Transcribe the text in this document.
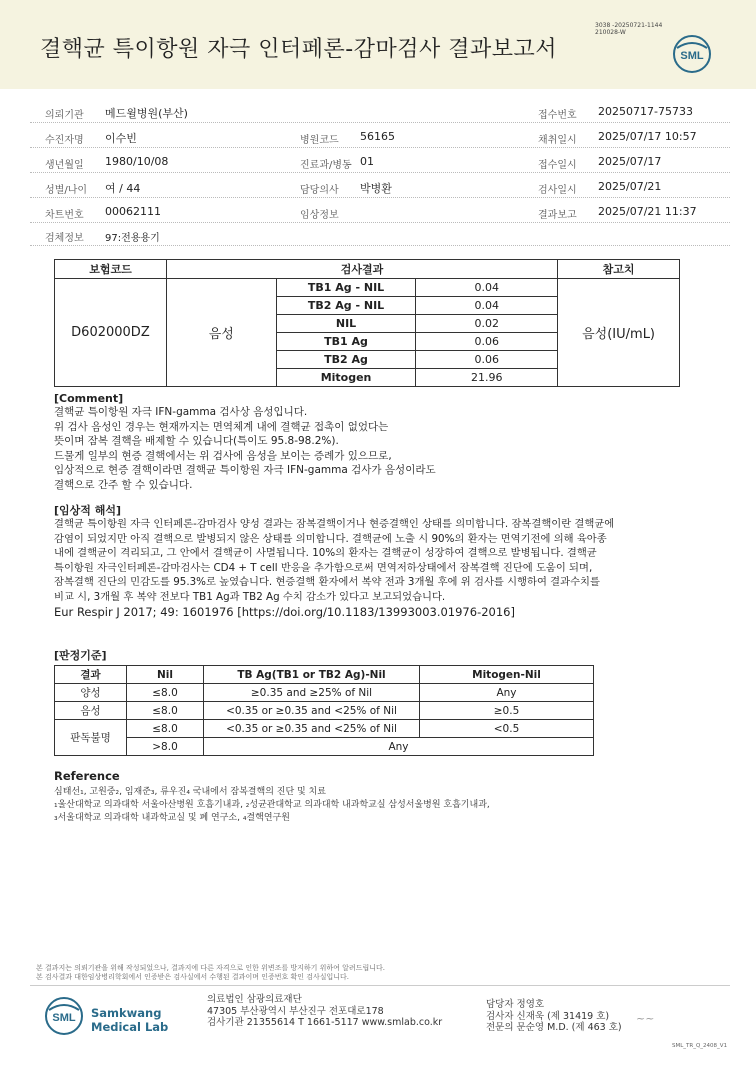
결핵균 특이항원 자극 인터페론-감마검사 결과보고서
3038 -20250721-1144
210028-W
SML
의뢰기관 메드윌병원(부산)	접수번호 20250717-75733
수진자명 이수빈	병원코드 56165	채취일시 2025/07/17 10:57
생년월일 1980/10/08	진료과/병동 01	접수일시 2025/07/17
성별/나이 여 / 44	담당의사 박병환	검사일시 2025/07/21
차트번호 00062111	임상정보	결과보고 2025/07/21 11:37
검체정보 97:전용용기
보험코드	검사결과			참고치
D602000DZ	음성	TB1 Ag - NIL	0.04	음성(IU/mL)
		TB2 Ag - NIL	0.04	
		NIL	0.02	
		TB1 Ag	0.06	
		TB2 Ag	0.06	
		Mitogen	21.96	
[Comment]
결핵균 특이항원 자극 IFN-gamma 검사상 음성입니다.
위 검사 음성인 경우는 현재까지는 면역체계 내에 결핵균 접촉이 없었다는
뜻이며 잠복 결핵을 배제할 수 있습니다(특이도 95.8-98.2%).
드물게 일부의 현증 결핵에서는 위 검사에 음성을 보이는 증례가 있으므로,
임상적으로 현증 결핵이라면 결핵균 특이항원 자극 IFN-gamma 검사가 음성이라도
결핵으로 간주 할 수 있습니다.
[임상적 해석]
결핵균 특이항원 자극 인터페론-감마검사 양성 결과는 잠복결핵이거나 현증결핵인 상태를 의미합니다. 잠복결핵이란 결핵균에
감염이 되었지만 아직 결핵으로 발병되지 않은 상태를 의미합니다. 결핵균에 노출 시 90%의 환자는 면역기전에 의해 육아종
내에 결핵균이 격리되고, 그 안에서 결핵균이 사멸됩니다. 10%의 환자는 결핵균이 성장하여 결핵으로 발병됩니다. 결핵균
특이항원 자극인터페론-감마검사는 CD4 + T cell 반응을 추가함으로써 면역저하상태에서 잠복결핵 진단에 도움이 되며,
잠복결핵 진단의 민감도를 95.3%로 높였습니다. 현증결핵 환자에서 복약 전과 3개월 후에 위 검사를 시행하여 결과수치를
비교 시, 3개월 후 복약 전보다 TB1 Ag과 TB2 Ag 수치 감소가 있다고 보고되었습니다.
Eur Respir J 2017; 49: 1601976 [https://doi.org/10.1183/13993003.01976-2016]
[판정기준]
결과	Nil	TB Ag(TB1 or TB2 Ag)-Nil	Mitogen-Nil
양성	≤8.0	≥0.35 and ≥25% of Nil	Any
음성	≤8.0	<0.35 or ≥0.35 and <25% of Nil	≥0.5
판독불명	≤8.0	<0.35 or ≥0.35 and <25% of Nil	<0.5
	>8.0	Any	
Reference
심태선₁, 고원중₂, 임재준₃, 류우진₄ 국내에서 잠복결핵의 진단 및 치료
₁울산대학교 의과대학 서울아산병원 호흡기내과, ₂성균관대학교 의과대학 내과학교실 삼성서울병원 호흡기내과,
₃서울대학교 의과대학 내과학교실 및 폐 연구소, ₄결핵연구원
본 결과지는 의뢰기관을 위해 작성되었으나, 결과지에 다른 자격으로 인한 위변조를 방지하기 위하여 알려드립니다.
본 검사결과 대한임상병리학회에서 인증받은 검사실에서 수행된 결과이며 인증번호 확인 검사실입니다.
SML Samkwang
Medical Lab
의료법인 삼광의료재단
47305 부산광역시 부산진구 전포대로178
검사기관 21355614 T 1661-5117 www.smlab.co.kr
담당자 정영호
검사자 신재욱 (제 31419 호)
전문의 문순영 M.D. (제 463 호)
~~
SML_TR_Q_2408_V1
